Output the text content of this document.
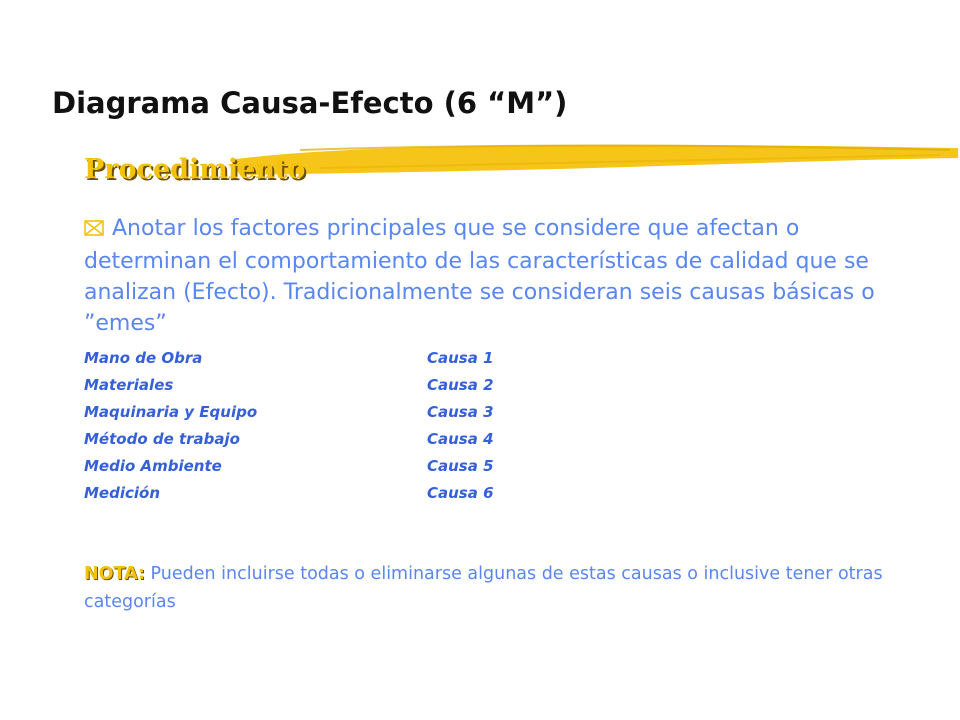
Diagrama Causa-Efecto (6 “M”)
Procedimiento

Anotar los factores principales que se considere que afectan o determinan el comportamiento de las características de calidad que se analizan (Efecto). Tradicionalmente se consideran seis causas básicas o ”emes”

Mano de Obra	Causa 1
Materiales	Causa 2
Maquinaria y Equipo	Causa 3
Método de trabajo	Causa 4
Medio Ambiente	Causa 5
Medición	Causa 6

NOTA: Pueden incluirse todas o eliminarse algunas de estas causas o inclusive tener otras categorías
